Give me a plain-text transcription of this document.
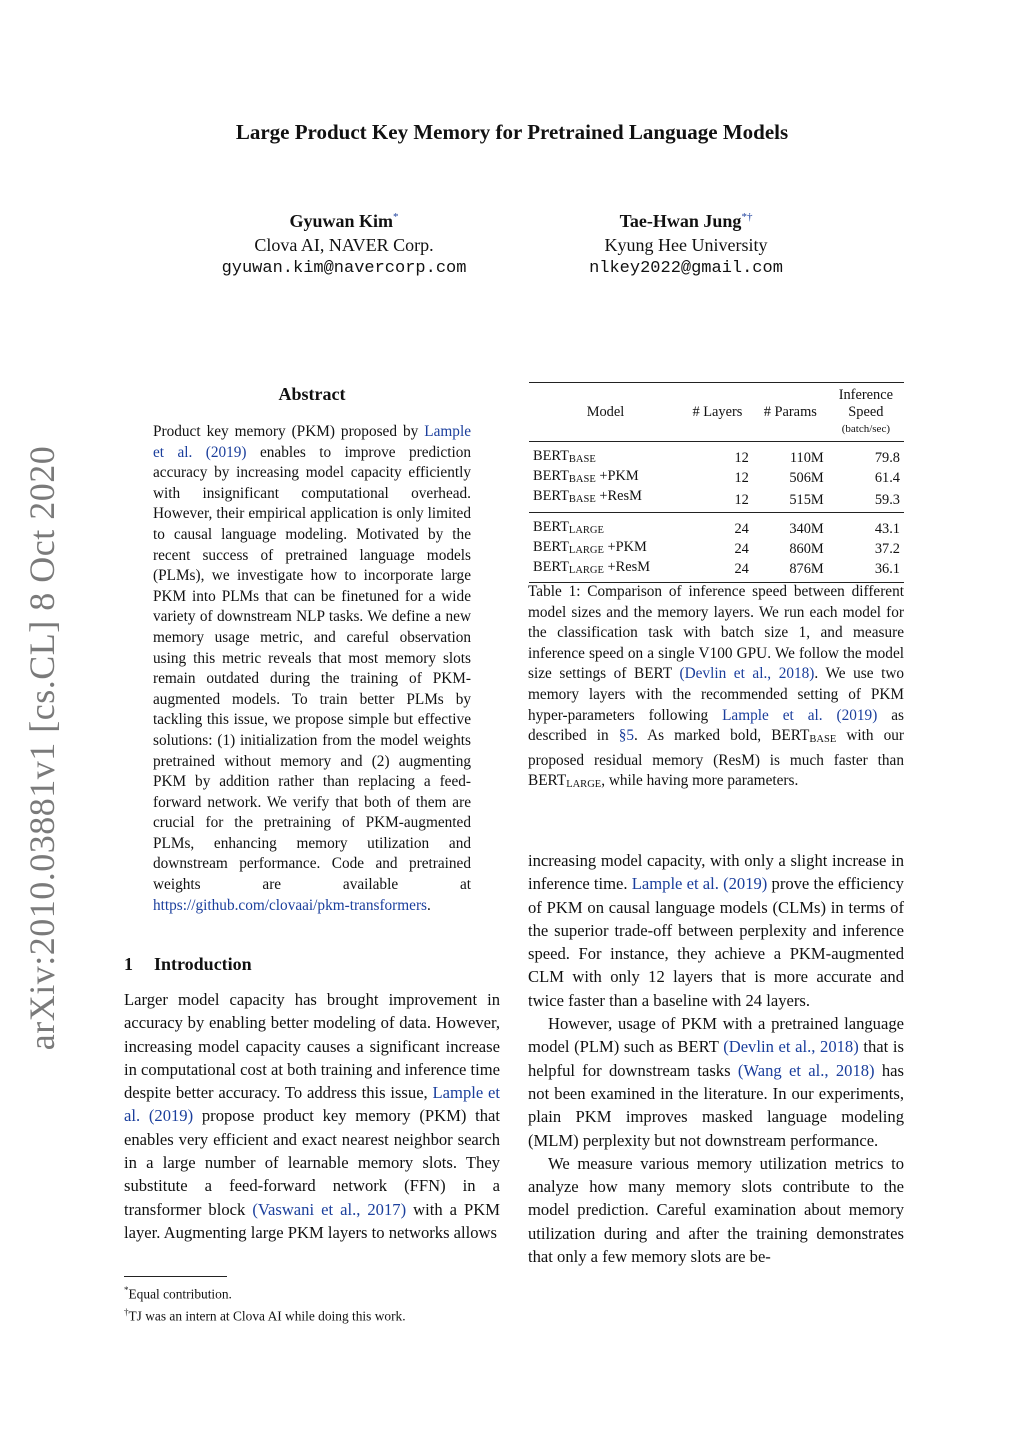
arXiv:2010.03881v1 [cs.CL] 8 Oct 2020
Large Product Key Memory for Pretrained Language Models
Gyuwan Kim*
Clova AI, NAVER Corp.
gyuwan.kim@navercorp.com
Tae-Hwan Jung*†
Kyung Hee University
nlkey2022@gmail.com
Abstract
Product key memory (PKM) proposed by Lample et al. (2019) enables to improve prediction accuracy by increasing model capacity efficiently with insignificant computational overhead. However, their empirical application is only limited to causal language modeling. Motivated by the recent success of pretrained language models (PLMs), we investigate how to incorporate large PKM into PLMs that can be finetuned for a wide variety of downstream NLP tasks. We define a new memory usage metric, and careful observation using this metric reveals that most memory slots remain outdated during the training of PKM-augmented models. To train better PLMs by tackling this issue, we propose simple but effective solutions: (1) initialization from the model weights pretrained without memory and (2) augmenting PKM by addition rather than replacing a feed-forward network. We verify that both of them are crucial for the pretraining of PKM-augmented PLMs, enhancing memory utilization and downstream performance. Code and pretrained weights are available at https://github.com/clovaai/pkm-transformers.
1 Introduction
Larger model capacity has brought improvement in accuracy by enabling better modeling of data. However, increasing model capacity causes a significant increase in computational cost at both training and inference time despite better accuracy. To address this issue, Lample et al. (2019) propose product key memory (PKM) that enables very efficient and exact nearest neighbor search in a large number of learnable memory slots. They substitute a feed-forward network (FFN) in a transformer block (Vaswani et al., 2017) with a PKM layer. Augmenting large PKM layers to networks allows
*Equal contribution.
†TJ was an intern at Clova AI while doing this work.
Model	# Layers	# Params	Inference
Speed
(batch/sec)

BERTBASE	12	110M	79.8
BERTBASE +PKM	12	506M	61.4
BERTBASE +ResM	12	515M	59.3
BERTLARGE	24	340M	43.1
BERTLARGE +PKM	24	860M	37.2
BERTLARGE +ResM	24	876M	36.1
Table 1: Comparison of inference speed between different model sizes and the memory layers. We run each model for the classification task with batch size 1, and measure inference speed on a single V100 GPU. We follow the model size settings of BERT (Devlin et al., 2018). We use two memory layers with the recommended setting of PKM hyper-parameters following Lample et al. (2019) as described in §5. As marked bold, BERTBASE with our proposed residual memory (ResM) is much faster than BERTLARGE, while having more parameters.
increasing model capacity, with only a slight increase in inference time. Lample et al. (2019) prove the efficiency of PKM on causal language models (CLMs) in terms of the superior trade-off between perplexity and inference speed. For instance, they achieve a PKM-augmented CLM with only 12 layers that is more accurate and twice faster than a baseline with 24 layers.
However, usage of PKM with a pretrained language model (PLM) such as BERT (Devlin et al., 2018) that is helpful for downstream tasks (Wang et al., 2018) has not been examined in the literature. In our experiments, plain PKM improves masked language modeling (MLM) perplexity but not downstream performance.
We measure various memory utilization metrics to analyze how many memory slots contribute to the model prediction. Careful examination about memory utilization during and after the training demonstrates that only a few memory slots are be-
